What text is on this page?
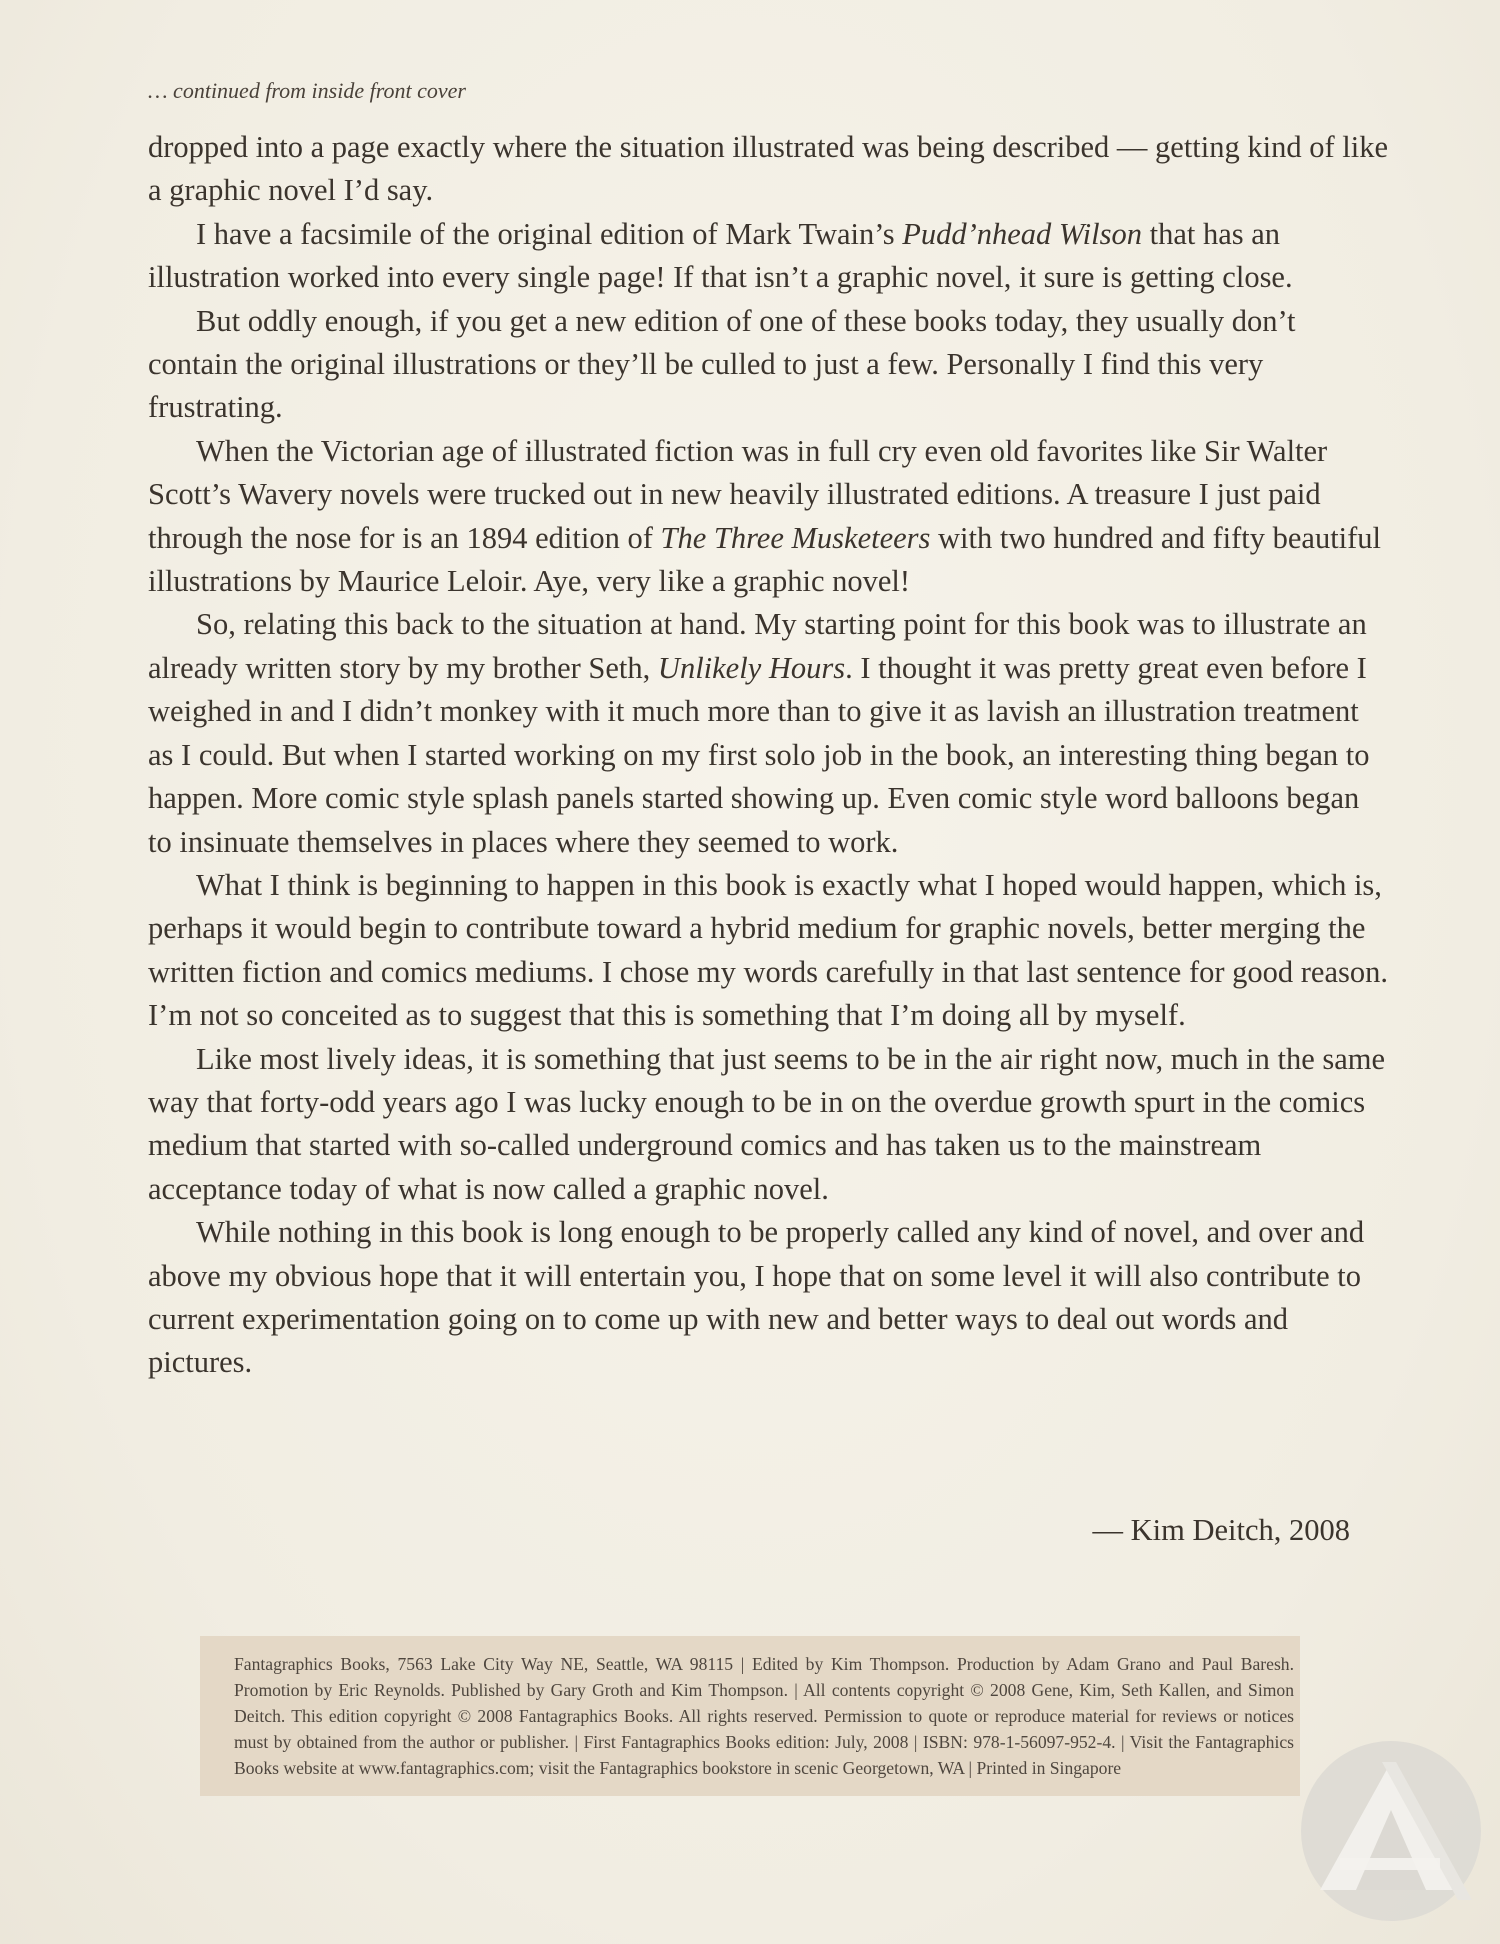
… continued from inside front cover

dropped into a page exactly where the situation illustrated was being described — getting kind of like a graphic novel I’d say.

I have a facsimile of the original edition of Mark Twain’s Pudd’nhead Wilson that has an illustration worked into every single page! If that isn’t a graphic novel, it sure is getting close.

But oddly enough, if you get a new edition of one of these books today, they usually don’t contain the original illustrations or they’ll be culled to just a few. Personally I find this very frustrating.

When the Victorian age of illustrated fiction was in full cry even old favorites like Sir Walter Scott’s Wavery novels were trucked out in new heavily illustrated editions. A treasure I just paid through the nose for is an 1894 edition of The Three Musketeers with two hundred and fifty beautiful illustrations by Maurice Leloir. Aye, very like a graphic novel!

So, relating this back to the situation at hand. My starting point for this book was to illustrate an already written story by my brother Seth, Unlikely Hours. I thought it was pretty great even before I weighed in and I didn’t monkey with it much more than to give it as lavish an illustration treatment as I could. But when I started working on my first solo job in the book, an interesting thing began to happen. More comic style splash panels started showing up. Even comic style word balloons began to insinuate themselves in places where they seemed to work.

What I think is beginning to happen in this book is exactly what I hoped would happen, which is, perhaps it would begin to contribute toward a hybrid medium for graphic novels, better merging the written fiction and comics mediums. I chose my words carefully in that last sentence for good reason. I’m not so conceited as to suggest that this is something that I’m doing all by myself.

Like most lively ideas, it is something that just seems to be in the air right now, much in the same way that forty-odd years ago I was lucky enough to be in on the overdue growth spurt in the comics medium that started with so-called underground comics and has taken us to the mainstream acceptance today of what is now called a graphic novel.

While nothing in this book is long enough to be properly called any kind of novel, and over and above my obvious hope that it will entertain you, I hope that on some level it will also contribute to current experimentation going on to come up with new and better ways to deal out words and pictures.

— Kim Deitch, 2008
Fantagraphics Books, 7563 Lake City Way NE, Seattle, WA 98115 | Edited by Kim Thompson. Production by Adam Grano and Paul Baresh. Promotion by Eric Reynolds. Published by Gary Groth and Kim Thompson. | All contents copyright © 2008 Gene, Kim, Seth Kallen, and Simon Deitch. This edition copyright © 2008 Fantagraphics Books. All rights reserved. Permission to quote or reproduce material for reviews or notices must by obtained from the author or publisher. | First Fantagraphics Books edition: July, 2008 | ISBN: 978-1-56097-952-4. | Visit the Fantagraphics Books website at www.fantagraphics.com; visit the Fantagraphics bookstore in scenic Georgetown, WA | Printed in Singapore
